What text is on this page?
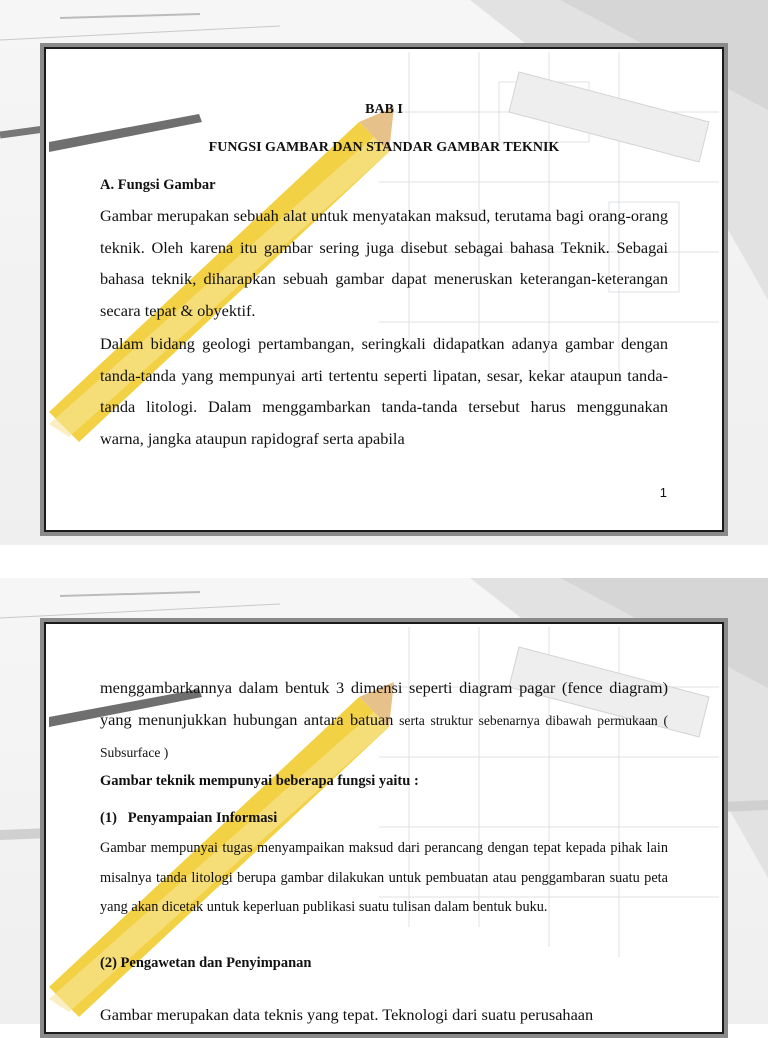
BAB I
FUNGSI GAMBAR DAN STANDAR GAMBAR TEKNIK
A. Fungsi Gambar
Gambar merupakan sebuah alat untuk menyatakan maksud, terutama bagi orang-orang teknik. Oleh karena itu gambar sering juga disebut sebagai bahasa Teknik. Sebagai bahasa teknik, diharapkan sebuah gambar dapat meneruskan keterangan-keterangan secara tepat & obyektif.
Dalam bidang geologi pertambangan, seringkali didapatkan adanya gambar dengan tanda-tanda yang mempunyai arti tertentu seperti lipatan, sesar, kekar ataupun tanda-tanda litologi. Dalam menggambarkan tanda-tanda tersebut harus menggunakan warna, jangka ataupun rapidograf serta apabila
1
menggambarkannya dalam bentuk 3 dimensi seperti diagram pagar (fence diagram) yang menunjukkan hubungan antara batuan serta struktur sebenarnya dibawah permukaan ( Subsurface )
Gambar teknik mempunyai beberapa fungsi yaitu :
(1)   Penyampaian Informasi
Gambar mempunyai tugas menyampaikan maksud dari perancang dengan tepat kepada pihak lain misalnya tanda litologi berupa gambar dilakukan untuk pembuatan atau penggambaran suatu peta yang akan dicetak untuk keperluan publikasi suatu tulisan dalam bentuk buku.
(2) Pengawetan dan Penyimpanan
Gambar merupakan data teknis yang tepat. Teknologi dari suatu perusahaan
